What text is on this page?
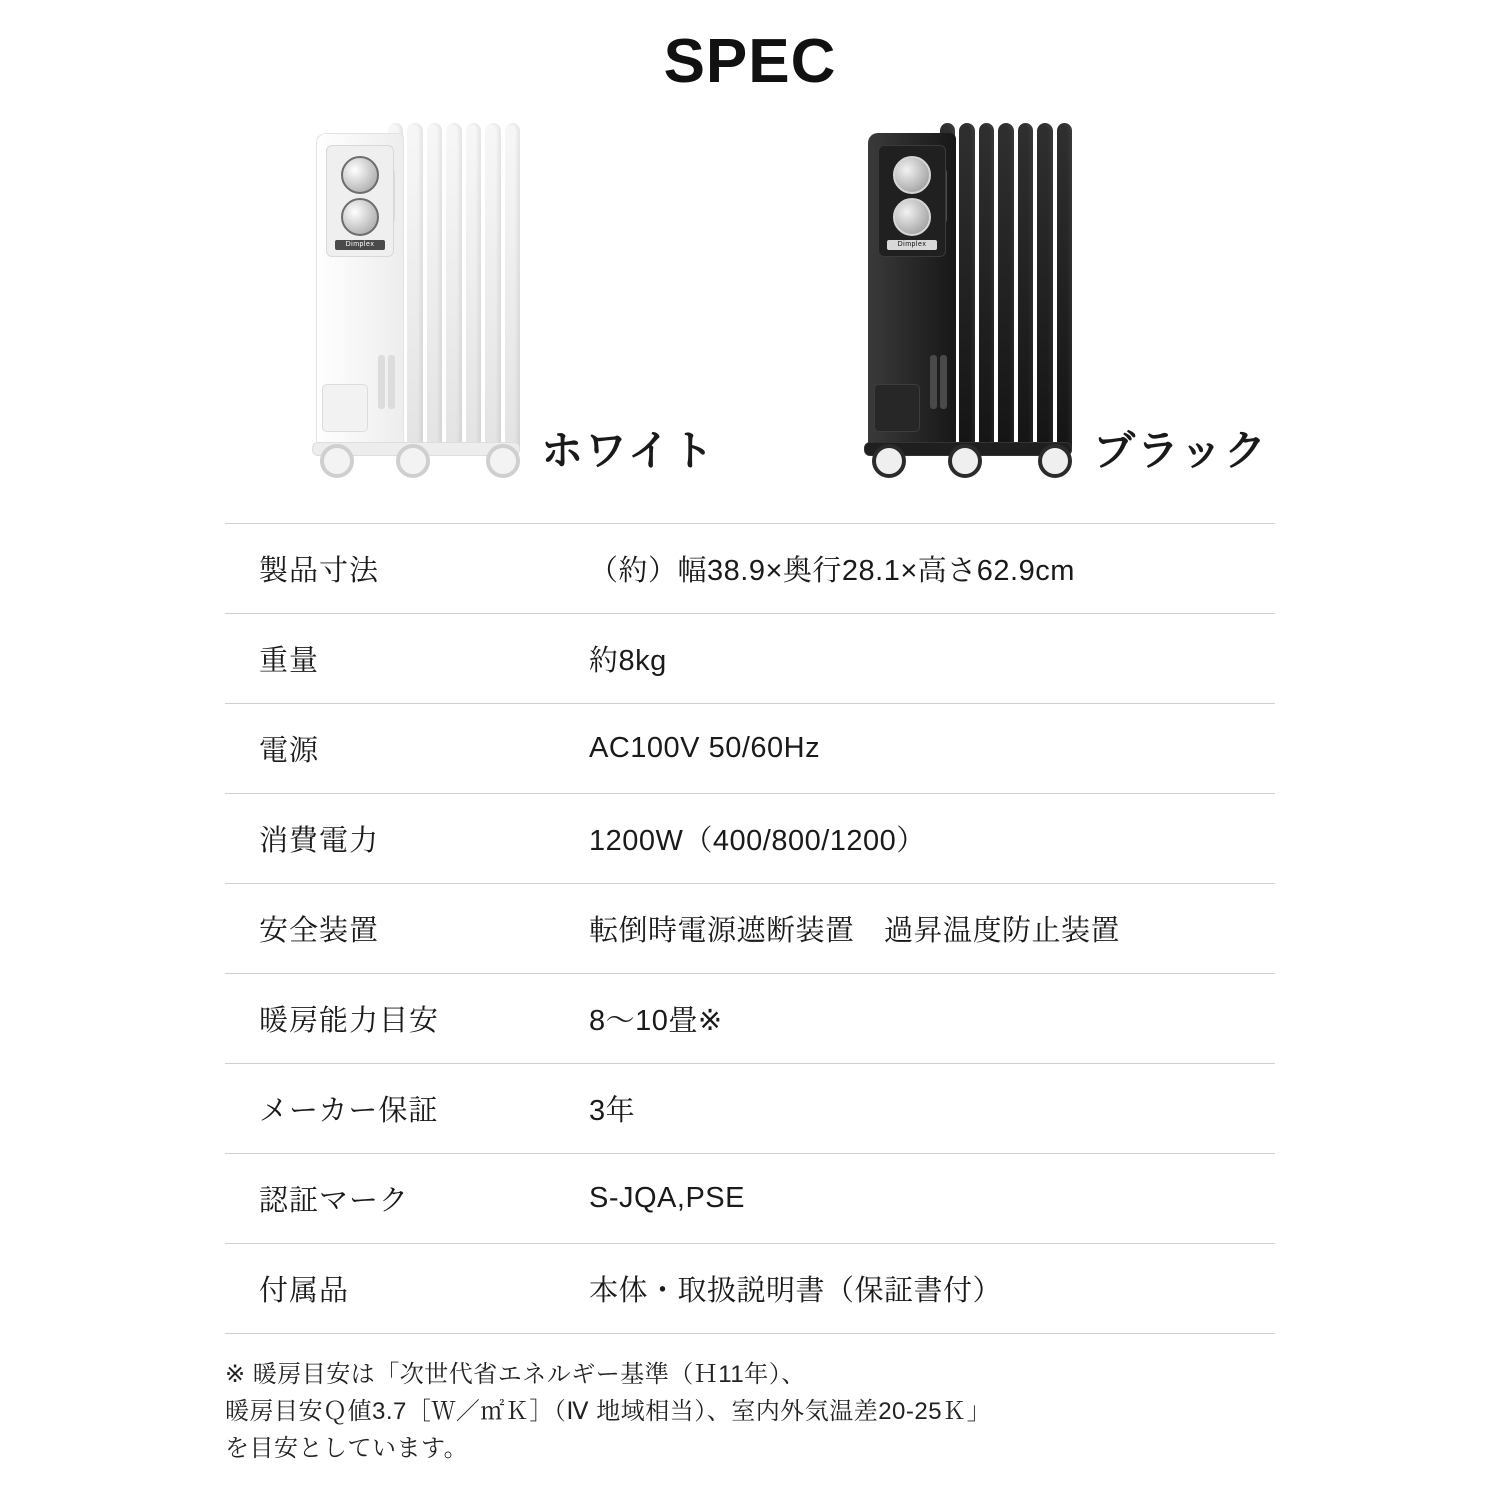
SPEC
Dimplex
ホワイト
Dimplex
ブラック
製品寸法	（約）幅38.9×奥行28.1×高さ62.9cm
重量	約8kg
電源	AC100V 50/60Hz
消費電力	1200W（400/800/1200）
安全装置	転倒時電源遮断装置　過昇温度防止装置
暖房能力目安	8〜10畳※
メーカー保証	3年
認証マーク	S-JQA,PSE
付属品	本体・取扱説明書（保証書付）
※ 暖房目安は「次世代省エネルギー基準（Ｈ11年）、
暖房目安Ｑ値3.7［Ｗ／㎡Ｋ］（Ⅳ 地域相当）、室内外気温差20-25Ｋ」
を目安としています。
